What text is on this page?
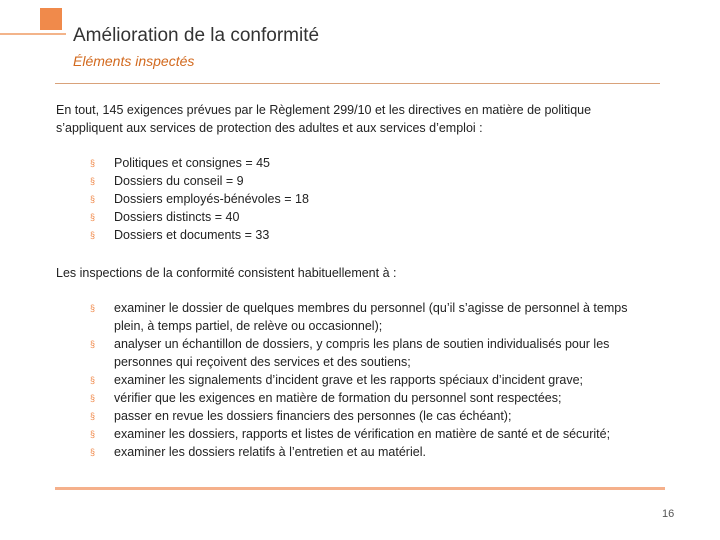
Amélioration de la conformité
Éléments inspectés

En tout, 145 exigences prévues par le Règlement 299/10 et les directives en matière de politique s’appliquent aux services de protection des adultes et aux services d’emploi :

§ Politiques et consignes = 45
§ Dossiers du conseil = 9
§ Dossiers employés-bénévoles = 18
§ Dossiers distincts = 40
§ Dossiers et documents = 33

Les inspections de la conformité consistent habituellement à :

§ examiner le dossier de quelques membres du personnel (qu’il s’agisse de personnel à temps plein, à temps partiel, de relève ou occasionnel);
§ analyser un échantillon de dossiers, y compris les plans de soutien individualisés pour les personnes qui reçoivent des services et des soutiens;
§ examiner les signalements d’incident grave et les rapports spéciaux d’incident grave;
§ vérifier que les exigences en matière de formation du personnel sont respectées;
§ passer en revue les dossiers financiers des personnes (le cas échéant);
§ examiner les dossiers, rapports et listes de vérification en matière de santé et de sécurité;
§ examiner les dossiers relatifs à l’entretien et au matériel.
16
